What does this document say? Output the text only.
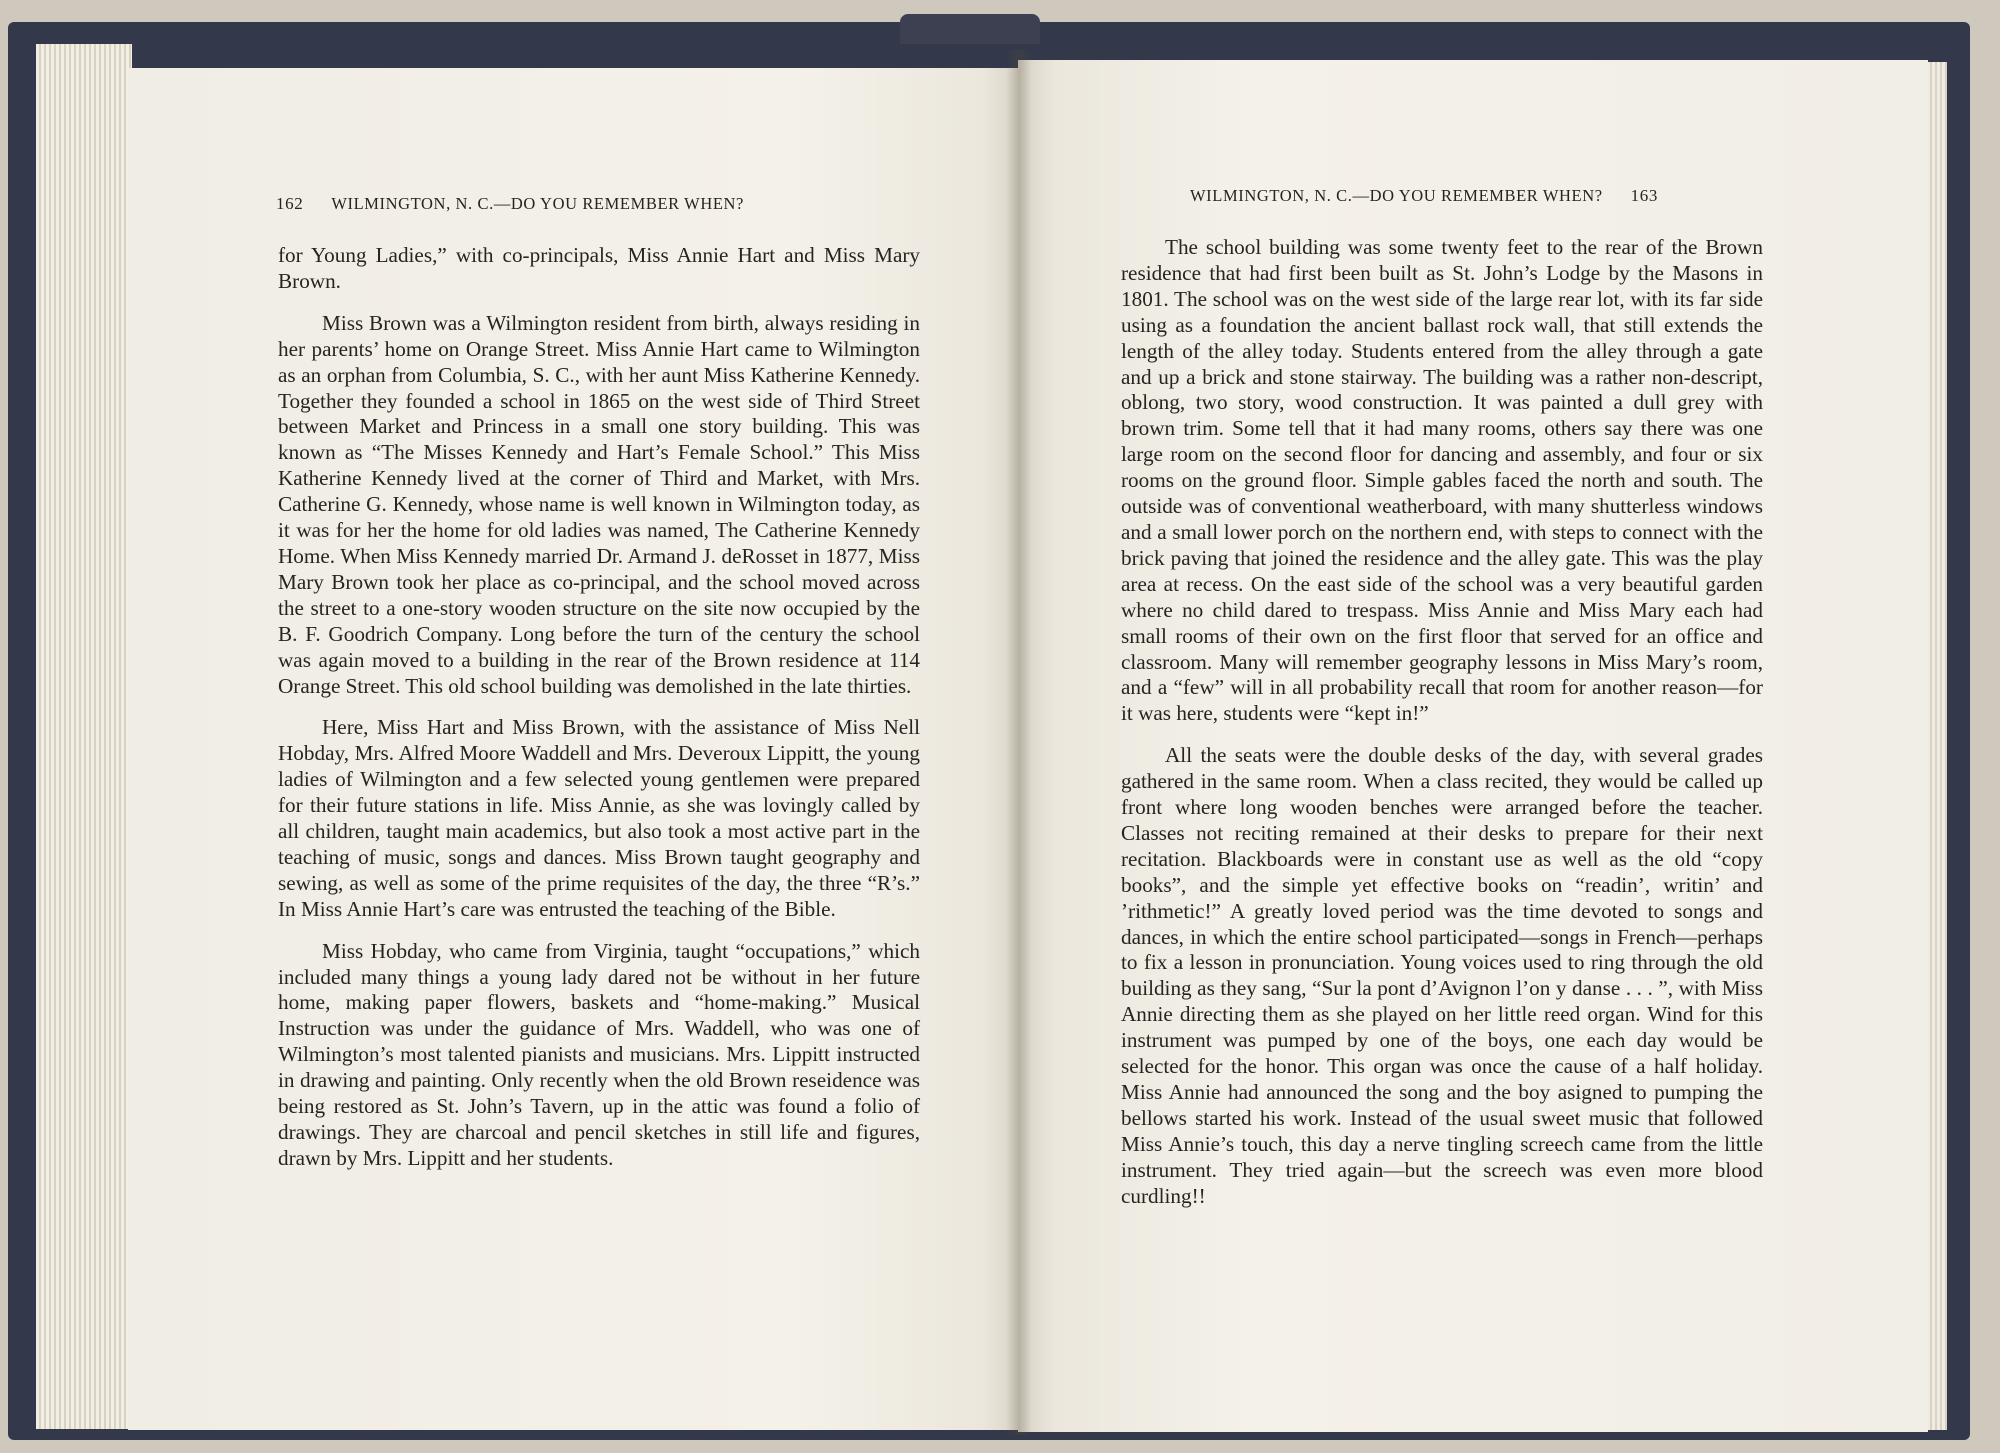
162 WILMINGTON, N. C.—DO YOU REMEMBER WHEN?

for Young Ladies,” with co-principals, Miss Annie Hart and Miss Mary Brown.

Miss Brown was a Wilmington resident from birth, always residing in her parents’ home on Orange Street. Miss Annie Hart came to Wilmington as an orphan from Columbia, S. C., with her aunt Miss Katherine Kennedy. Together they founded a school in 1865 on the west side of Third Street between Market and Princess in a small one story building. This was known as “The Misses Kennedy and Hart’s Female School.” This Miss Katherine Kennedy lived at the corner of Third and Market, with Mrs. Catherine G. Kennedy, whose name is well known in Wilmington today, as it was for her the home for old ladies was named, The Catherine Kennedy Home. When Miss Kennedy married Dr. Armand J. deRosset in 1877, Miss Mary Brown took her place as co-principal, and the school moved across the street to a one-story wooden structure on the site now occupied by the B. F. Goodrich Company. Long before the turn of the century the school was again moved to a building in the rear of the Brown residence at 114 Orange Street. This old school building was demolished in the late thirties.

Here, Miss Hart and Miss Brown, with the assistance of Miss Nell Hobday, Mrs. Alfred Moore Waddell and Mrs. Deveroux Lippitt, the young ladies of Wilmington and a few selected young gentlemen were prepared for their future stations in life. Miss Annie, as she was lovingly called by all children, taught main academics, but also took a most active part in the teaching of music, songs and dances. Miss Brown taught geography and sewing, as well as some of the prime requisites of the day, the three “R’s.” In Miss Annie Hart’s care was entrusted the teaching of the Bible.

Miss Hobday, who came from Virginia, taught “occupations,” which included many things a young lady dared not be without in her future home, making paper flowers, baskets and “home-making.” Musical Instruction was under the guidance of Mrs. Waddell, who was one of Wilmington’s most talented pianists and musicians. Mrs. Lippitt instructed in drawing and painting. Only recently when the old Brown reseidence was being restored as St. John’s Tavern, up in the attic was found a folio of drawings. They are charcoal and pencil sketches in still life and figures, drawn by Mrs. Lippitt and her students.

WILMINGTON, N. C.—DO YOU REMEMBER WHEN? 163

The school building was some twenty feet to the rear of the Brown residence that had first been built as St. John’s Lodge by the Masons in 1801. The school was on the west side of the large rear lot, with its far side using as a foundation the ancient ballast rock wall, that still extends the length of the alley today. Students entered from the alley through a gate and up a brick and stone stairway. The building was a rather non-descript, oblong, two story, wood construction. It was painted a dull grey with brown trim. Some tell that it had many rooms, others say there was one large room on the second floor for dancing and assembly, and four or six rooms on the ground floor. Simple gables faced the north and south. The outside was of conventional weatherboard, with many shutterless windows and a small lower porch on the northern end, with steps to connect with the brick paving that joined the residence and the alley gate. This was the play area at recess. On the east side of the school was a very beautiful garden where no child dared to trespass. Miss Annie and Miss Mary each had small rooms of their own on the first floor that served for an office and classroom. Many will remember geography lessons in Miss Mary’s room, and a “few” will in all probability recall that room for another reason—for it was here, students were “kept in!”

All the seats were the double desks of the day, with several grades gathered in the same room. When a class recited, they would be called up front where long wooden benches were arranged before the teacher. Classes not reciting remained at their desks to prepare for their next recitation. Blackboards were in constant use as well as the old “copy books”, and the simple yet effective books on “readin’, writin’ and ’rithmetic!” A greatly loved period was the time devoted to songs and dances, in which the entire school participated—songs in French—perhaps to fix a lesson in pronunciation. Young voices used to ring through the old building as they sang, “Sur la pont d’Avignon l’on y danse . . . ”, with Miss Annie directing them as she played on her little reed organ. Wind for this instrument was pumped by one of the boys, one each day would be selected for the honor. This organ was once the cause of a half holiday. Miss Annie had announced the song and the boy asigned to pumping the bellows started his work. Instead of the usual sweet music that followed Miss Annie’s touch, this day a nerve tingling screech came from the little instrument. They tried again—but the screech was even more blood curdling!!
